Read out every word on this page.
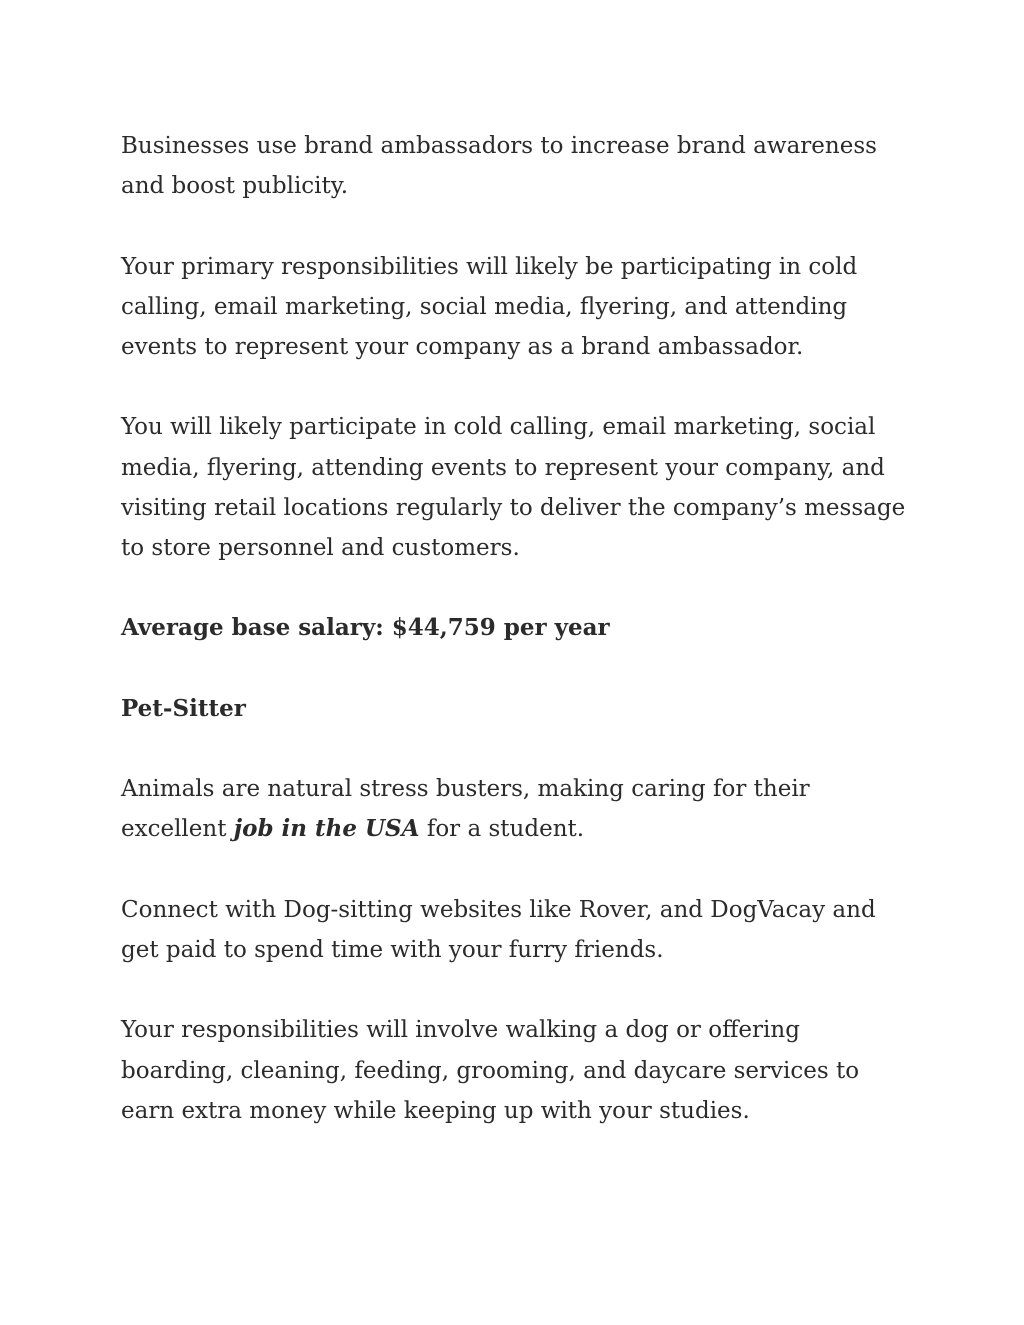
Businesses use brand ambassadors to increase brand awareness and boost publicity.

Your primary responsibilities will likely be participating in cold calling, email marketing, social media, flyering, and attending events to represent your company as a brand ambassador.

You will likely participate in cold calling, email marketing, social media, flyering, attending events to represent your company, and visiting retail locations regularly to deliver the company’s message to store personnel and customers.

Average base salary: $44,759 per year

Pet-Sitter

Animals are natural stress busters, making caring for their excellent job in the USA for a student.

Connect with Dog-sitting websites like Rover, and DogVacay and get paid to spend time with your furry friends.

Your responsibilities will involve walking a dog or offering boarding, cleaning, feeding, grooming, and daycare services to earn extra money while keeping up with your studies.
